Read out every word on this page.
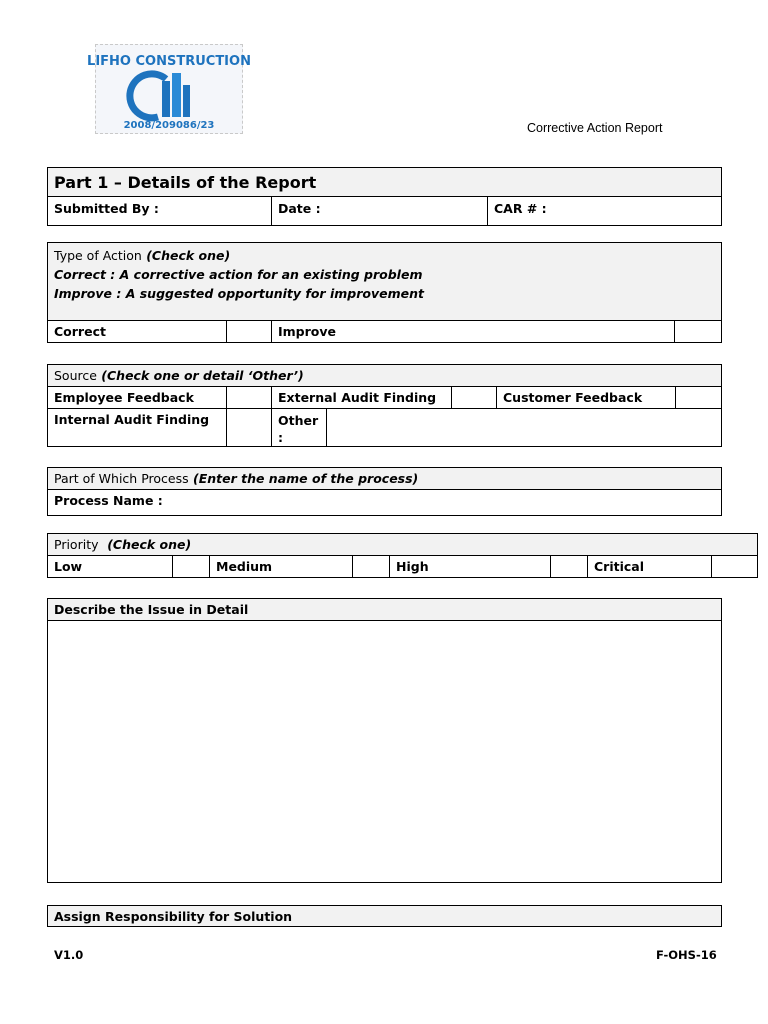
LIFHO CONSTRUCTION
2008/209086/23	Corrective Action Report
Part 1 – Details of the Report
Submitted By :	Date :	CAR # :
Type of Action (Check one)
Correct : A corrective action for an existing problem
Improve : A suggested opportunity for improvement

Correct		Improve	
Source (Check one or detail ‘Other’)						
Employee Feedback		External Audit Finding			Customer Feedback	
Internal Audit Finding		Other :				
Part of Which Process (Enter the name of the process)
Process Name :
Priority (Check one)
Low		Medium		High		Critical	
Describe the Issue in Detail

Assign Responsibility for Solution
V1.0	F-OHS-16
